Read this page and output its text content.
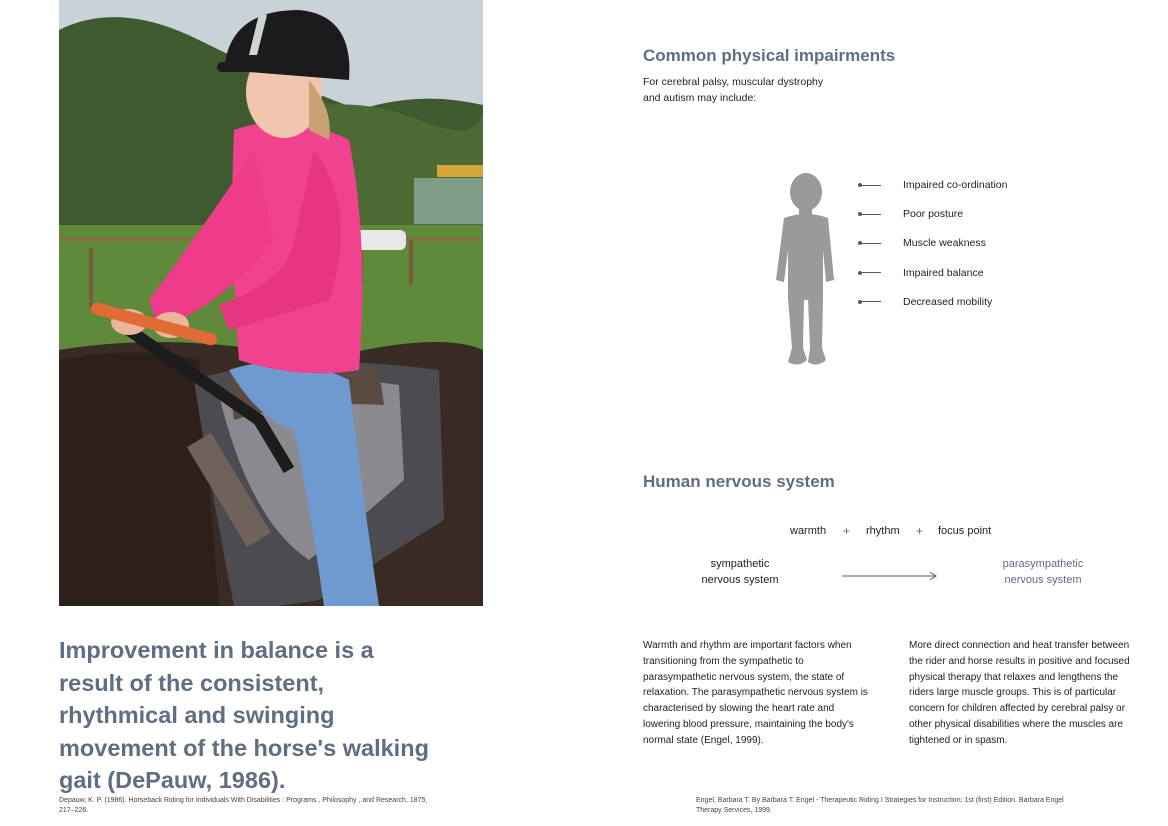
Improvement in balance is a result of the consistent, rhythmical and swinging movement of the horse's walking gait (DePauw, 1986).

Depauw, K. P. (1986). Horseback Riding for Individuals With Disabilities : Programs , Philosophy , and Research, 1875, 217–226.

Common physical impairments

For cerebral palsy, muscular dystrophy and autism may include:

Impaired co-ordination
Poor posture
Muscle weakness
Impaired balance
Decreased mobility
Human nervous system
warmth + rhythm + focus point

sympathetic nervous system

parasympathetic nervous system

Warmth and rhythm are important factors when transitioning from the sympathetic to parasympathetic nervous system, the state of relaxation. The parasympathetic nervous system is characterised by slowing the heart rate and lowering blood pressure, maintaining the body's normal state (Engel, 1999).

More direct connection and heat transfer between the rider and horse results in positive and focused physical therapy that relaxes and lengthens the riders large muscle groups. This is of particular concern for children affected by cerebral palsy or other physical disabilities where the muscles are tightened or in spasm.

Engel, Barbara T. By Barbara T. Engel - Therapeutic Riding I Strategies for Instruction: 1st (first) Edition. Barbara Engel Therapy Services, 1999.
